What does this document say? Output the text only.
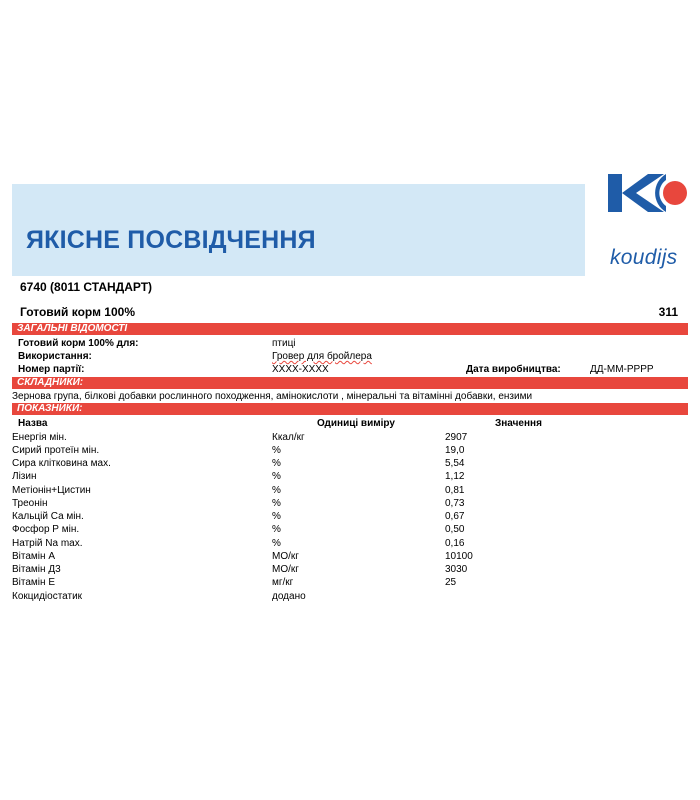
ЯКІСНЕ ПОСВІДЧЕННЯ
koudijs
6740 (8011 СТАНДАРТ)
Готовий корм 100%	311
ЗАГАЛЬНІ ВІДОМОСТІ
Готовий корм 100% для:	птиці
Використання:	Гровер для бройлера
Номер партії:	XXXX-XXXX	Дата виробництва:	ДД-ММ-РРРР
СКЛАДНИКИ:
Зернова група, білкові добавки рослинного походження, амінокислоти , мінеральні та вітамінні добавки, ензими
ПОКАЗНИКИ:
Назва	Одиниці виміру	Значення
Енергія мін.	Ккал/кг	2907
Сирий протеїн мін.	%	19,0
Сира клітковина мах.	%	5,54
Лізин	%	1,12
Метіонін+Цистин	%	0,81
Треонін	%	0,73
Кальцій Са мін.	%	0,67
Фосфор Р мін.	%	0,50
Натрій Na max.	%	0,16
Вітамін А	МО/кг	10100
Вітамін Д3	МО/кг	3030
Вітамін Е	мг/кг	25
Кокцидіостатик	додано
